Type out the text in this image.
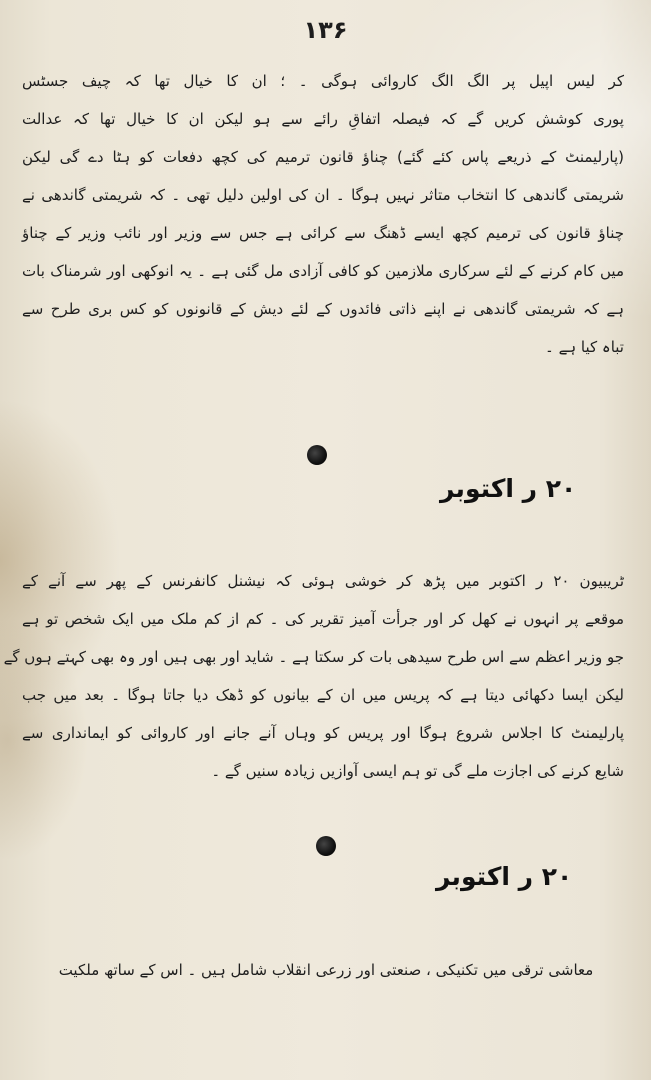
۱۳۶
کر لیس اپیل پر الگ الگ کاروائی ہوگی ۔ ؛ ان کا خیال تھا کہ چیف جسٹس
پوری کوشش کریں گے کہ فیصلہ اتفاقِ رائے سے ہو لیکن ان کا خیال تھا کہ عدالت
(پارلیمنٹ کے ذریعے پاس کئے گئے) چناؤ قانون ترمیم کی کچھ دفعات کو ہٹا دے گی لیکن
شریمتی گاندھی کا انتخاب متاثر نہیں ہوگا ۔ ان کی اولین دلیل تھی ۔ کہ شریمتی گاندھی نے
چناؤ قانون کی ترمیم کچھ ایسے ڈھنگ سے کرائی ہے جس سے وزیر اور نائب وزیر کے چناؤ
میں کام کرنے کے لئے سرکاری ملازمین کو کافی آزادی مل گئی ہے ۔ یہ انوکھی اور شرمناک بات
ہے کہ شریمتی گاندھی نے اپنے ذاتی فائدوں کے لئے دیش کے قانونوں کو کس بری طرح سے
تباہ کیا ہے ۔
۲۰ ر اکتوبر
ٹریبیون ۲۰ ر اکتوبر میں پڑھ کر خوشی ہوئی کہ نیشنل کانفرنس کے پھر سے آنے کے
موقعے پر انہوں نے کھل کر اور جرأت آمیز تقریر کی ۔ کم از کم ملک میں ایک شخص تو ہے
جو وزیر اعظم سے اس طرح سیدھی بات کر سکتا ہے ۔ شاید اور بھی ہیں اور وہ بھی کہتے ہوں گے
لیکن ایسا دکھائی دیتا ہے کہ پریس میں ان کے بیانوں کو ڈھک دیا جاتا ہوگا ۔ بعد میں جب
پارلیمنٹ کا اجلاس شروع ہوگا اور پریس کو وہاں آنے جانے اور کاروائی کو ایمانداری سے
شایع کرنے کی اجازت ملے گی تو ہم ایسی آوازیں زیادہ سنیں گے ۔
۲۰ ر اکتوبر
معاشی ترقی میں تکنیکی ، صنعتی اور زرعی انقلاب شامل ہیں ۔ اس کے ساتھ ملکیت
